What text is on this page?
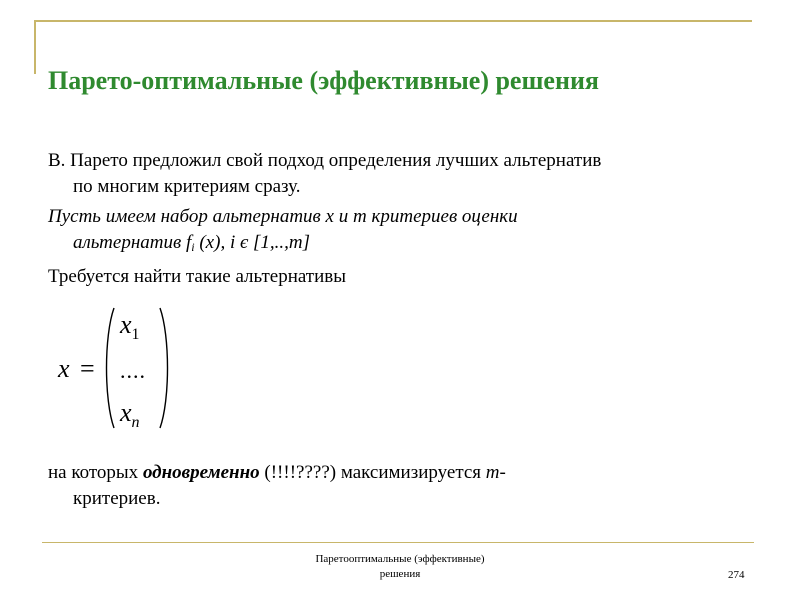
Парето-оптимальные (эффективные) решения
В. Парето предложил свой подход определения лучших альтернатив
по многим критериям сразу.
Пусть имеем набор альтернатив x и m критериев оценки
альтернатив $f_i$ (x), i є [1,..,m]
Требуется найти такие альтернативы
x =
$x_1$
....
$x_n$
на которых одновременно (!!!!????) максимизируется m-
критериев.
Паретооптимальные (эффективные)
решения	274
